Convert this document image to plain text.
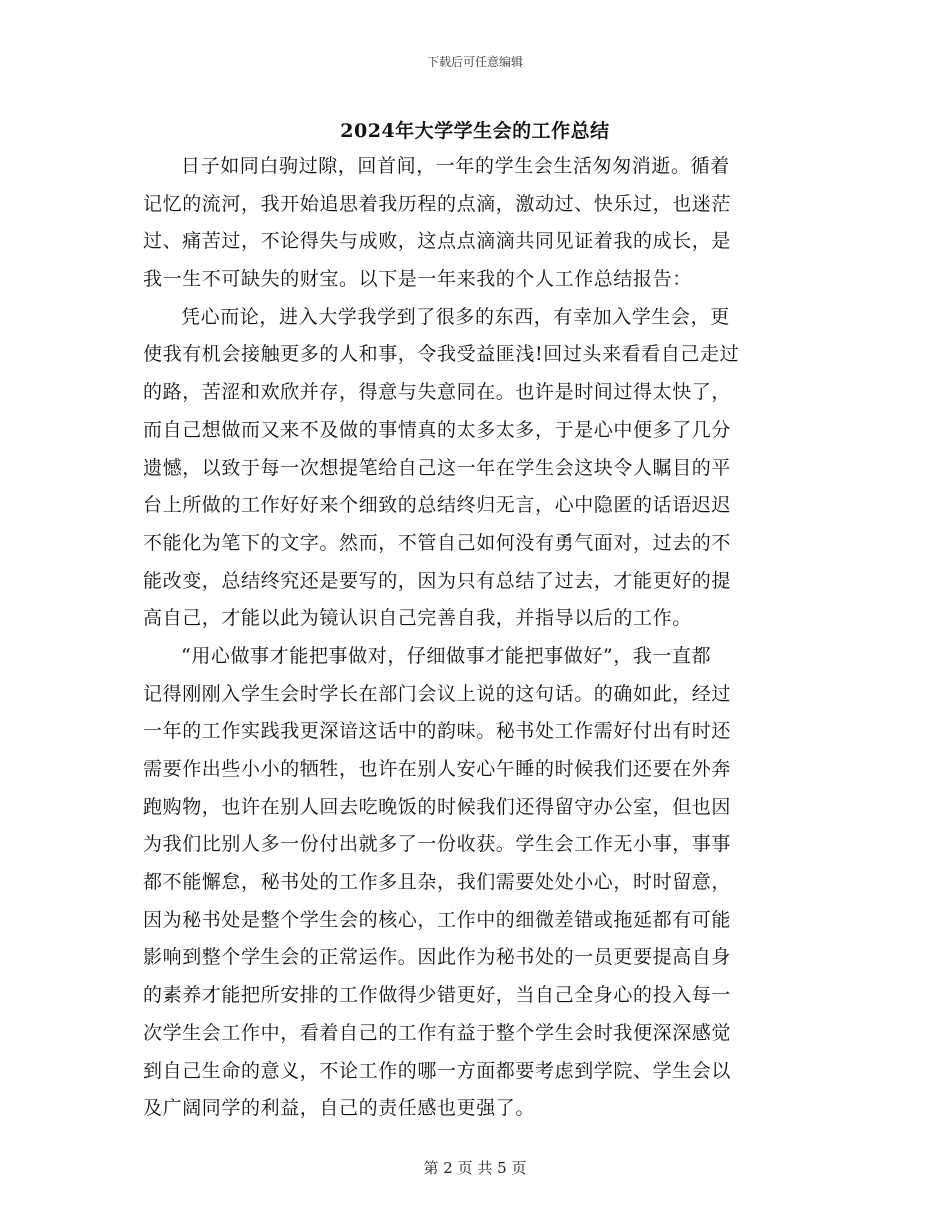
下载后可任意编辑
2024年大学学生会的工作总结
日子如同白驹过隙，回首间，一年的学生会生活匆匆消逝。循着
记忆的流河，我开始追思着我历程的点滴，激动过、快乐过，也迷茫
过、痛苦过，不论得失与成败，这点点滴滴共同见证着我的成长，是
我一生不可缺失的财宝。以下是一年来我的个人工作总结报告：
凭心而论，进入大学我学到了很多的东西，有幸加入学生会，更
使我有机会接触更多的人和事，令我受益匪浅!回过头来看看自己走过
的路，苦涩和欢欣并存，得意与失意同在。也许是时间过得太快了，
而自己想做而又来不及做的事情真的太多太多，于是心中便多了几分
遗憾，以致于每一次想提笔给自己这一年在学生会这块令人瞩目的平
台上所做的工作好好来个细致的总结终归无言，心中隐匿的话语迟迟
不能化为笔下的文字。然而，不管自己如何没有勇气面对，过去的不
能改变，总结终究还是要写的，因为只有总结了过去，才能更好的提
高自己，才能以此为镜认识自己完善自我，并指导以后的工作。
“用心做事才能把事做对，仔细做事才能把事做好”，我一直都
记得刚刚入学生会时学长在部门会议上说的这句话。的确如此，经过
一年的工作实践我更深谙这话中的韵味。秘书处工作需好付出有时还
需要作出些小小的牺牲，也许在别人安心午睡的时候我们还要在外奔
跑购物，也许在别人回去吃晚饭的时候我们还得留守办公室，但也因
为我们比别人多一份付出就多了一份收获。学生会工作无小事，事事
都不能懈怠，秘书处的工作多且杂，我们需要处处小心，时时留意，
因为秘书处是整个学生会的核心，工作中的细微差错或拖延都有可能
影响到整个学生会的正常运作。因此作为秘书处的一员更要提高自身
的素养才能把所安排的工作做得少错更好，当自己全身心的投入每一
次学生会工作中，看着自己的工作有益于整个学生会时我便深深感觉
到自己生命的意义，不论工作的哪一方面都要考虑到学院、学生会以
及广阔同学的利益，自己的责任感也更强了。
第 2 页 共 5 页
